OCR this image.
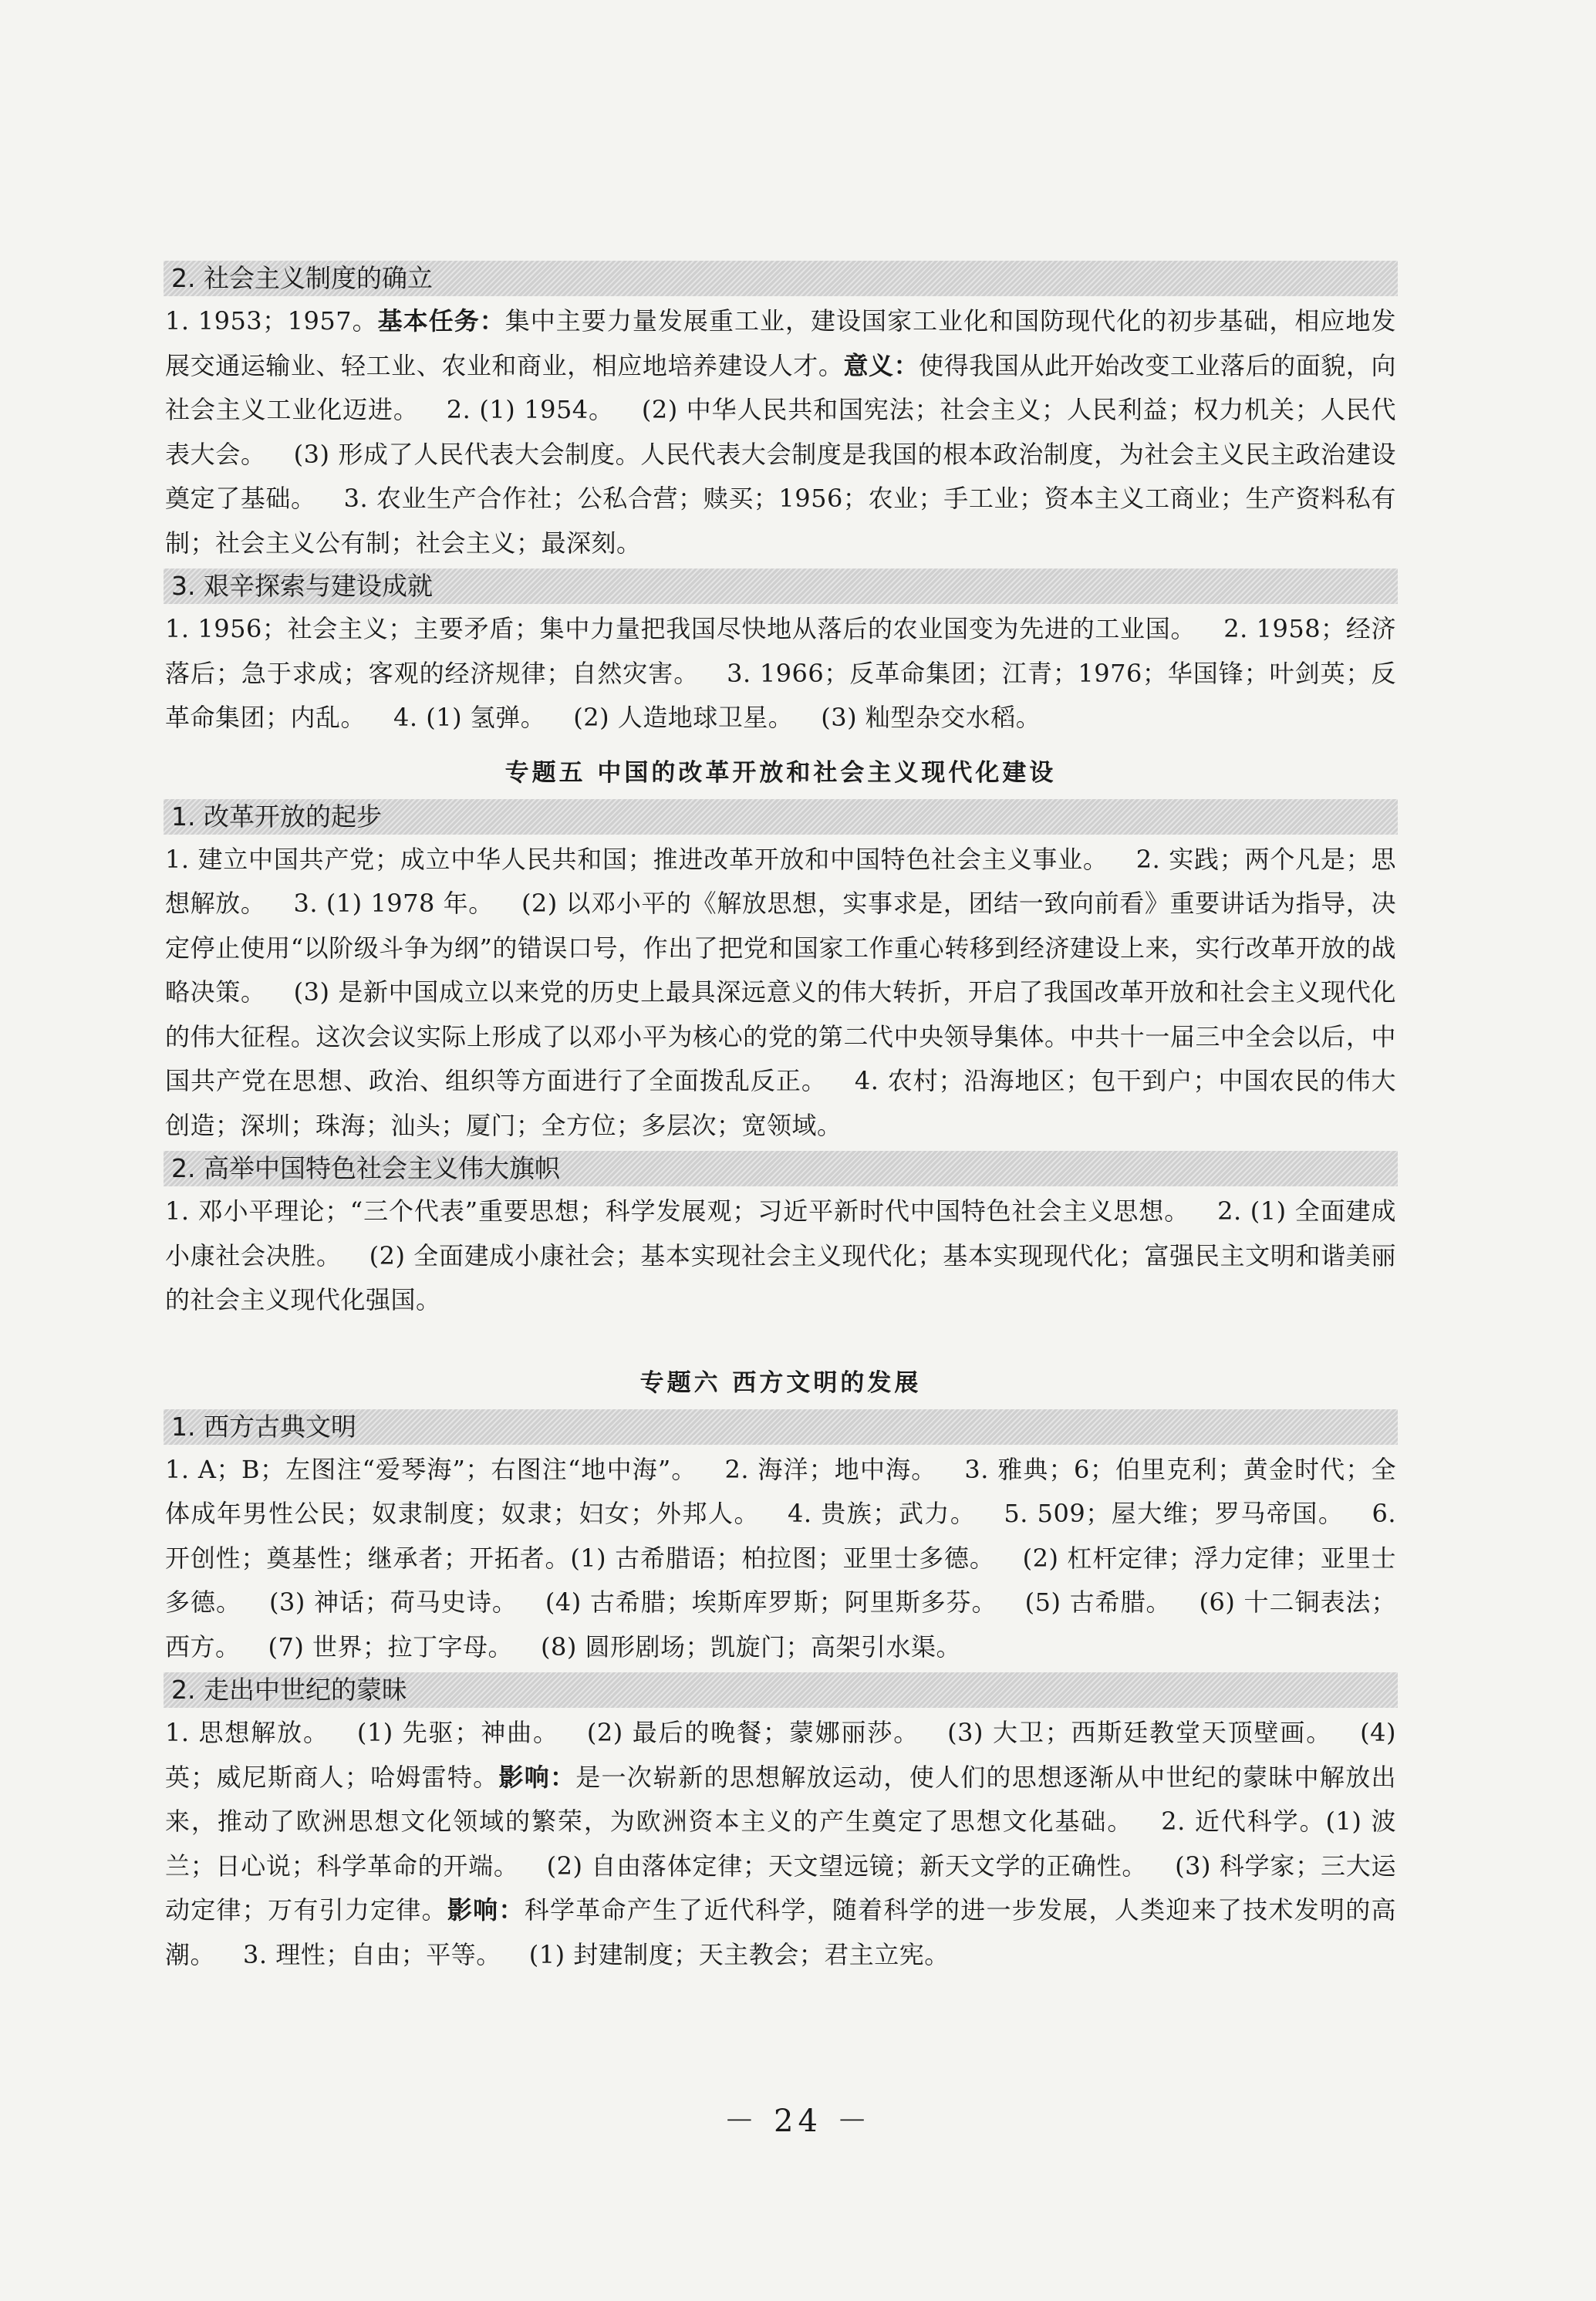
2. 社会主义制度的确立

1. 1953；1957。基本任务：集中主要力量发展重工业，建设国家工业化和国防现代化的初步基础，相应地发展交通运输业、轻工业、农业和商业，相应地培养建设人才。意义：使得我国从此开始改变工业落后的面貌，向社会主义工业化迈进。 2. (1) 1954。 (2) 中华人民共和国宪法；社会主义；人民利益；权力机关；人民代表大会。 (3) 形成了人民代表大会制度。人民代表大会制度是我国的根本政治制度，为社会主义民主政治建设奠定了基础。 3. 农业生产合作社；公私合营；赎买；1956；农业；手工业；资本主义工商业；生产资料私有制；社会主义公有制；社会主义；最深刻。

3. 艰辛探索与建设成就

1. 1956；社会主义；主要矛盾；集中力量把我国尽快地从落后的农业国变为先进的工业国。 2. 1958；经济落后；急于求成；客观的经济规律；自然灾害。 3. 1966；反革命集团；江青；1976；华国锋；叶剑英；反革命集团；内乱。 4. (1) 氢弹。 (2) 人造地球卫星。 (3) 籼型杂交水稻。

专题五 中国的改革开放和社会主义现代化建设
1. 改革开放的起步

1. 建立中国共产党；成立中华人民共和国；推进改革开放和中国特色社会主义事业。 2. 实践；两个凡是；思想解放。 3. (1) 1978 年。 (2) 以邓小平的《解放思想，实事求是，团结一致向前看》重要讲话为指导，决定停止使用“以阶级斗争为纲”的错误口号，作出了把党和国家工作重心转移到经济建设上来，实行改革开放的战略决策。 (3) 是新中国成立以来党的历史上最具深远意义的伟大转折，开启了我国改革开放和社会主义现代化的伟大征程。这次会议实际上形成了以邓小平为核心的党的第二代中央领导集体。中共十一届三中全会以后，中国共产党在思想、政治、组织等方面进行了全面拨乱反正。 4. 农村；沿海地区；包干到户；中国农民的伟大创造；深圳；珠海；汕头；厦门；全方位；多层次；宽领域。

2. 高举中国特色社会主义伟大旗帜

1. 邓小平理论；“三个代表”重要思想；科学发展观；习近平新时代中国特色社会主义思想。 2. (1) 全面建成小康社会决胜。 (2) 全面建成小康社会；基本实现社会主义现代化；基本实现现代化；富强民主文明和谐美丽的社会主义现代化强国。

专题六 西方文明的发展
1. 西方古典文明

1. A；B；左图注“爱琴海”；右图注“地中海”。 2. 海洋；地中海。 3. 雅典；6；伯里克利；黄金时代；全体成年男性公民；奴隶制度；奴隶；妇女；外邦人。 4. 贵族；武力。 5. 509；屋大维；罗马帝国。 6. 开创性；奠基性；继承者；开拓者。(1) 古希腊语；柏拉图；亚里士多德。 (2) 杠杆定律；浮力定律；亚里士多德。 (3) 神话；荷马史诗。 (4) 古希腊；埃斯库罗斯；阿里斯多芬。 (5) 古希腊。 (6) 十二铜表法；西方。 (7) 世界；拉丁字母。 (8) 圆形剧场；凯旋门；高架引水渠。

2. 走出中世纪的蒙昧

1. 思想解放。 (1) 先驱；神曲。 (2) 最后的晚餐；蒙娜丽莎。 (3) 大卫；西斯廷教堂天顶壁画。 (4) 英；威尼斯商人；哈姆雷特。影响：是一次崭新的思想解放运动，使人们的思想逐渐从中世纪的蒙昧中解放出来，推动了欧洲思想文化领域的繁荣，为欧洲资本主义的产生奠定了思想文化基础。 2. 近代科学。(1) 波兰；日心说；科学革命的开端。 (2) 自由落体定律；天文望远镜；新天文学的正确性。 (3) 科学家；三大运动定律；万有引力定律。影响：科学革命产生了近代科学，随着科学的进一步发展，人类迎来了技术发明的高潮。 3. 理性；自由；平等。 (1) 封建制度；天主教会；君主立宪。

－ 24 －
